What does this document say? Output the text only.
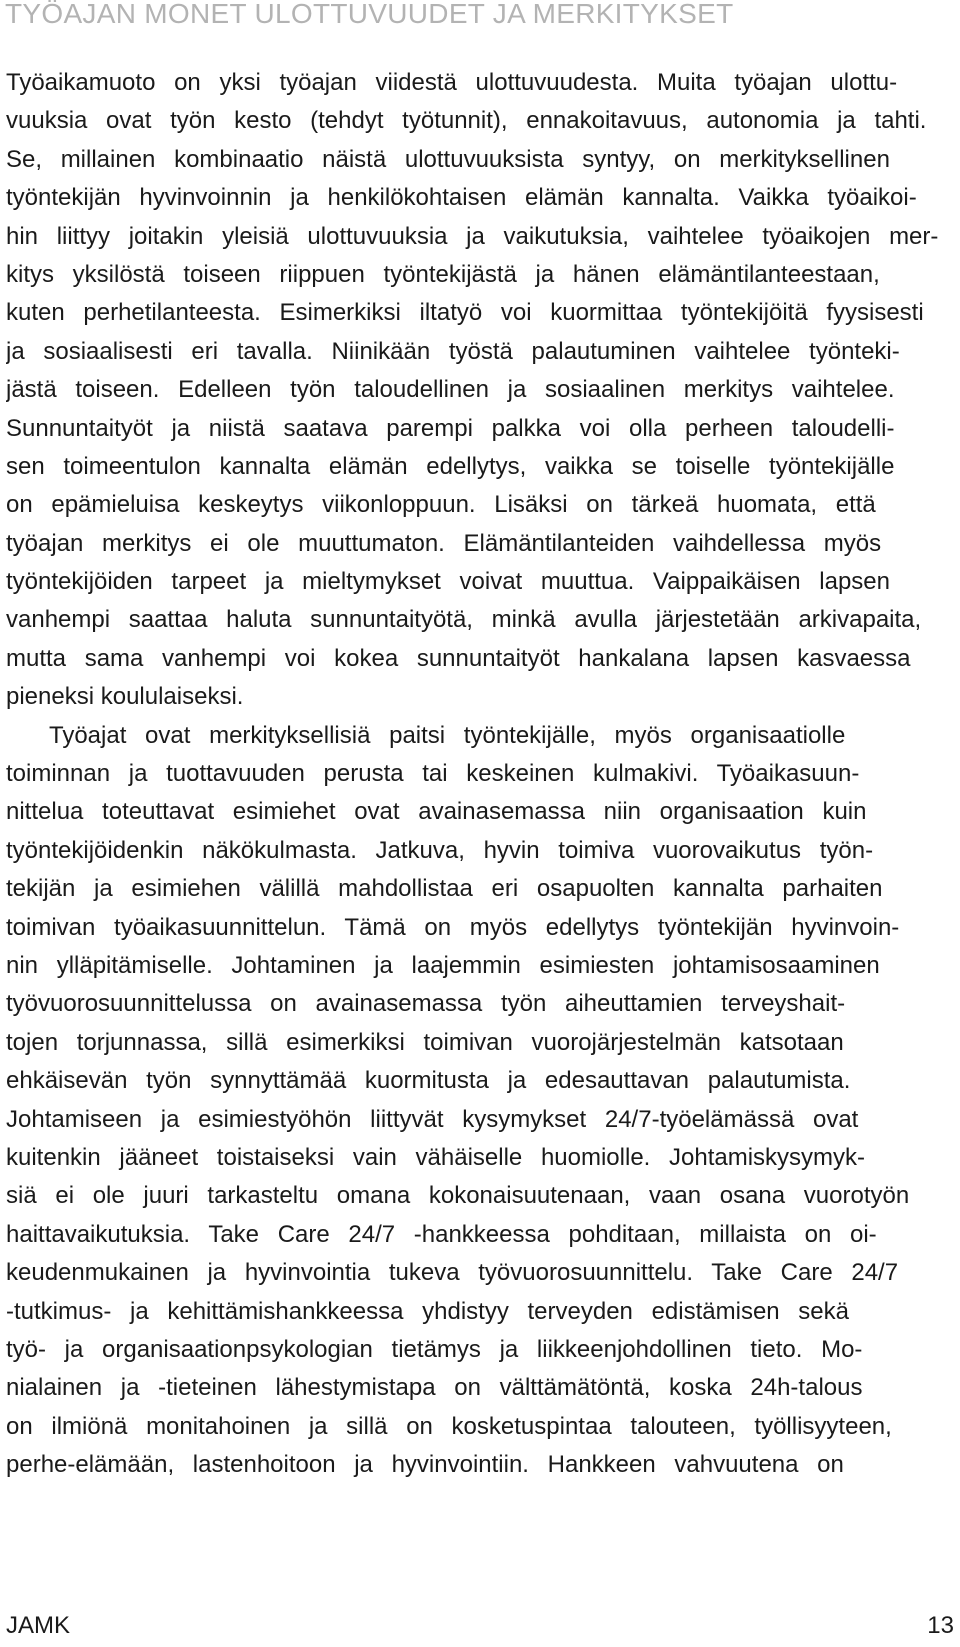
TYÖAJAN MONET ULOTTUVUUDET JA MERKITYKSET
Työaikamuoto on yksi työajan viidestä ulottuvuudesta. Muita työajan ulottu-
vuuksia ovat työn kesto (tehdyt työtunnit), ennakoitavuus, autonomia ja tahti.
Se, millainen kombinaatio näistä ulottuvuuksista syntyy, on merkityksellinen
työntekijän hyvinvoinnin ja henkilökohtaisen elämän kannalta. Vaikka työaikoi-
hin liittyy joitakin yleisiä ulottuvuuksia ja vaikutuksia, vaihtelee työaikojen mer-
kitys yksilöstä toiseen riippuen työntekijästä ja hänen elämäntilanteestaan,
kuten perhetilanteesta. Esimerkiksi iltatyö voi kuormittaa työntekijöitä fyysisesti
ja sosiaalisesti eri tavalla. Niinikään työstä palautuminen vaihtelee työnteki-
jästä toiseen. Edelleen työn taloudellinen ja sosiaalinen merkitys vaihtelee.
Sunnuntaityöt ja niistä saatava parempi palkka voi olla perheen taloudelli-
sen toimeentulon kannalta elämän edellytys, vaikka se toiselle työntekijälle
on epämieluisa keskeytys viikonloppuun. Lisäksi on tärkeä huomata, että
työajan merkitys ei ole muuttumaton. Elämäntilanteiden vaihdellessa myös
työntekijöiden tarpeet ja mieltymykset voivat muuttua. Vaippaikäisen lapsen
vanhempi saattaa haluta sunnuntaityötä, minkä avulla järjestetään arkivapaita,
mutta sama vanhempi voi kokea sunnuntaityöt hankalana lapsen kasvaessa
pieneksi koululaiseksi.
Työajat ovat merkityksellisiä paitsi työntekijälle, myös organisaatiolle
toiminnan ja tuottavuuden perusta tai keskeinen kulmakivi. Työaikasuun-
nittelua toteuttavat esimiehet ovat avainasemassa niin organisaation kuin
työntekijöidenkin näkökulmasta. Jatkuva, hyvin toimiva vuorovaikutus työn-
tekijän ja esimiehen välillä mahdollistaa eri osapuolten kannalta parhaiten
toimivan työaikasuunnittelun. Tämä on myös edellytys työntekijän hyvinvoin-
nin ylläpitämiselle. Johtaminen ja laajemmin esimiesten johtamisosaaminen
työvuorosuunnittelussa on avainasemassa työn aiheuttamien terveyshait-
tojen torjunnassa, sillä esimerkiksi toimivan vuorojärjestelmän katsotaan
ehkäisevän työn synnyttämää kuormitusta ja edesauttavan palautumista.
Johtamiseen ja esimiestyöhön liittyvät kysymykset 24/7-työelämässä ovat
kuitenkin jääneet toistaiseksi vain vähäiselle huomiolle. Johtamiskysymyk-
siä ei ole juuri tarkasteltu omana kokonaisuutenaan, vaan osana vuorotyön
haittavaikutuksia. Take Care 24/7 -hankkeessa pohditaan, millaista on oi-
keudenmukainen ja hyvinvointia tukeva työvuorosuunnittelu. Take Care 24/7
-tutkimus- ja kehittämishankkeessa yhdistyy terveyden edistämisen sekä
työ- ja organisaationpsykologian tietämys ja liikkeenjohdollinen tieto. Mo-
nialainen ja -tieteinen lähestymistapa on välttämätöntä, koska 24h-talous
on ilmiönä monitahoinen ja sillä on kosketuspintaa talouteen, työllisyyteen,
perhe-elämään, lastenhoitoon ja hyvinvointiin. Hankkeen vahvuutena on
JAMK	13
